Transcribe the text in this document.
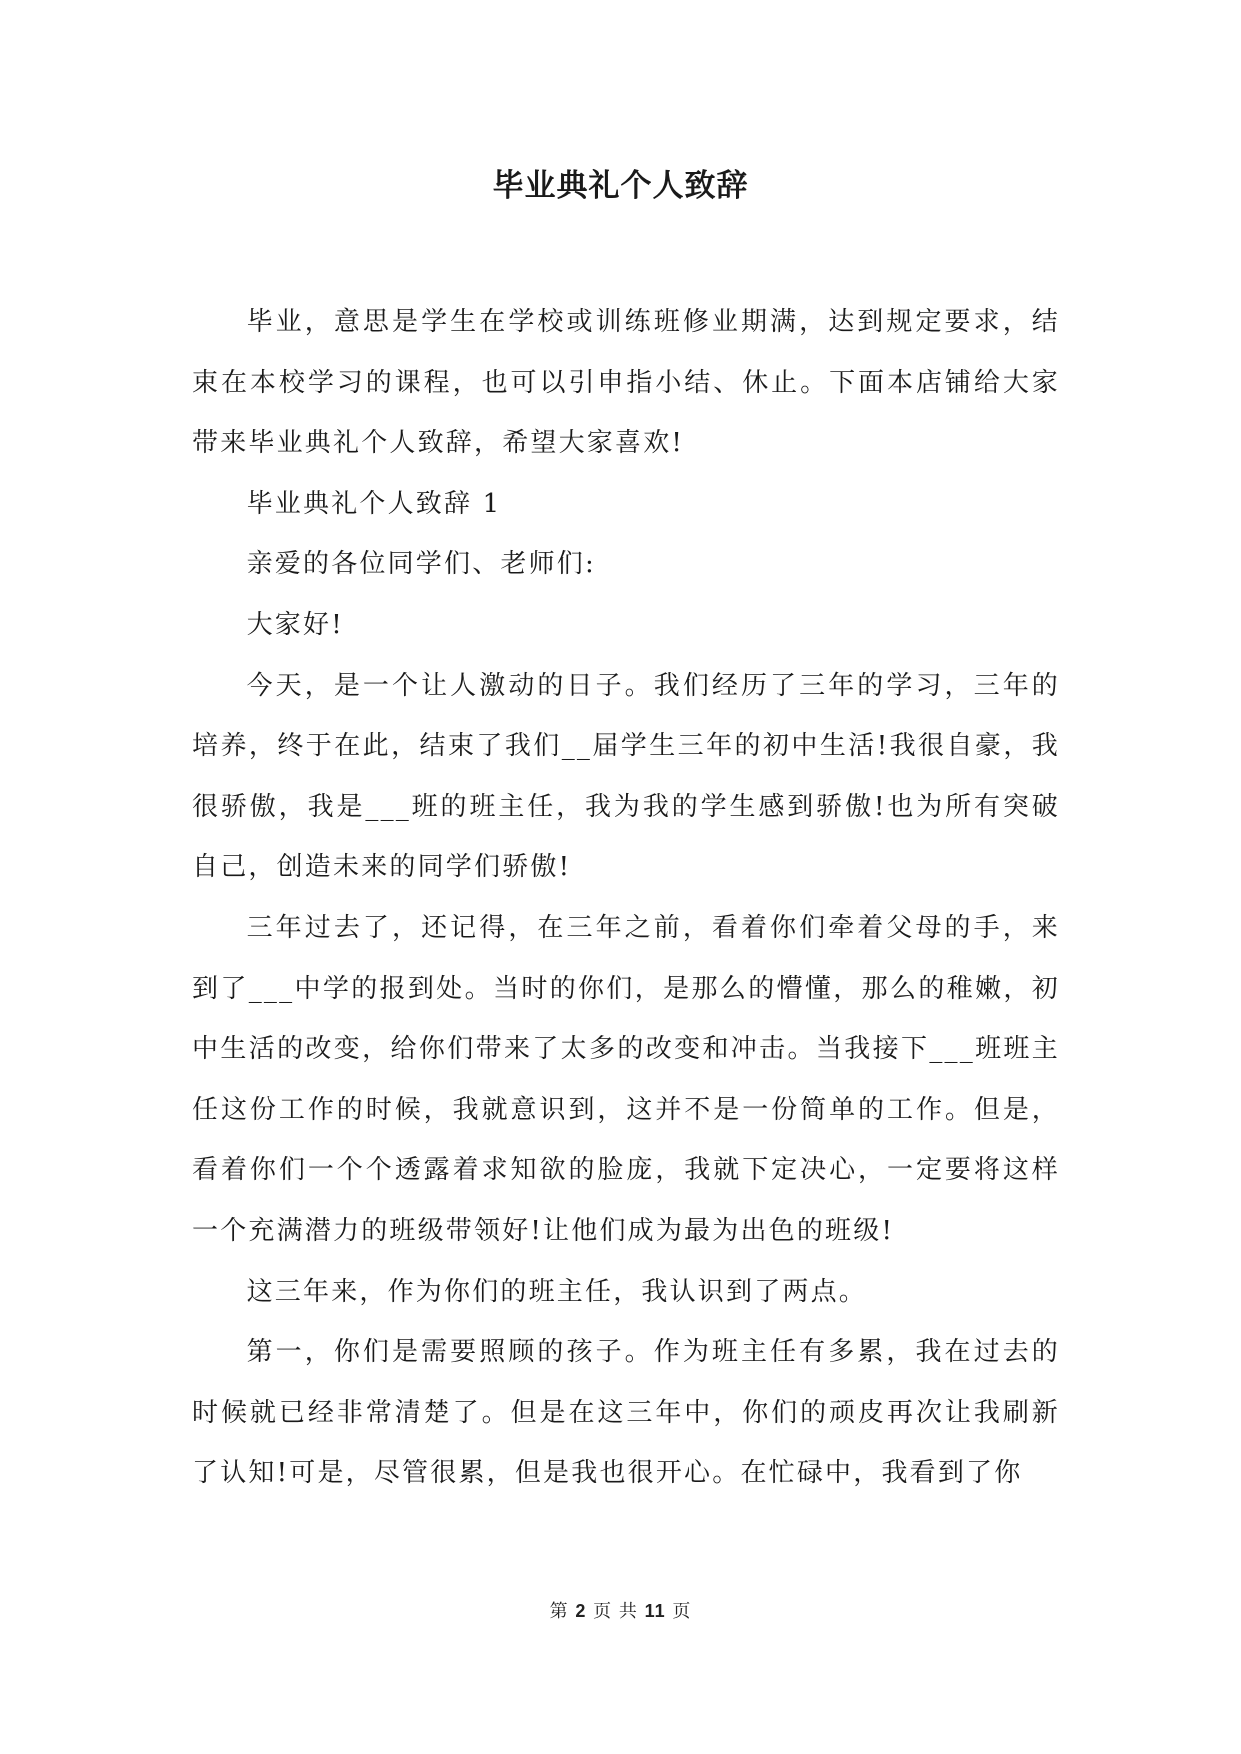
毕业典礼个人致辞

毕业，意思是学生在学校或训练班修业期满，达到规定要求，结束在本校学习的课程，也可以引申指小结、休止。下面本店铺给大家带来毕业典礼个人致辞，希望大家喜欢!

毕业典礼个人致辞 1

亲爱的各位同学们、老师们:

大家好!

今天，是一个让人激动的日子。我们经历了三年的学习，三年的培养，终于在此，结束了我们__届学生三年的初中生活!我很自豪，我很骄傲，我是___班的班主任，我为我的学生感到骄傲!也为所有突破自己，创造未来的同学们骄傲!

三年过去了，还记得，在三年之前，看着你们牵着父母的手，来到了___中学的报到处。当时的你们，是那么的懵懂，那么的稚嫩，初中生活的改变，给你们带来了太多的改变和冲击。当我接下___班班主任这份工作的时候，我就意识到，这并不是一份简单的工作。但是，看着你们一个个透露着求知欲的脸庞，我就下定决心，一定要将这样一个充满潜力的班级带领好!让他们成为最为出色的班级!

这三年来，作为你们的班主任，我认识到了两点。

第一，你们是需要照顾的孩子。作为班主任有多累，我在过去的时候就已经非常清楚了。但是在这三年中，你们的顽皮再次让我刷新了认知!可是，尽管很累，但是我也很开心。在忙碌中，我看到了你

第 2 页 共 11 页
